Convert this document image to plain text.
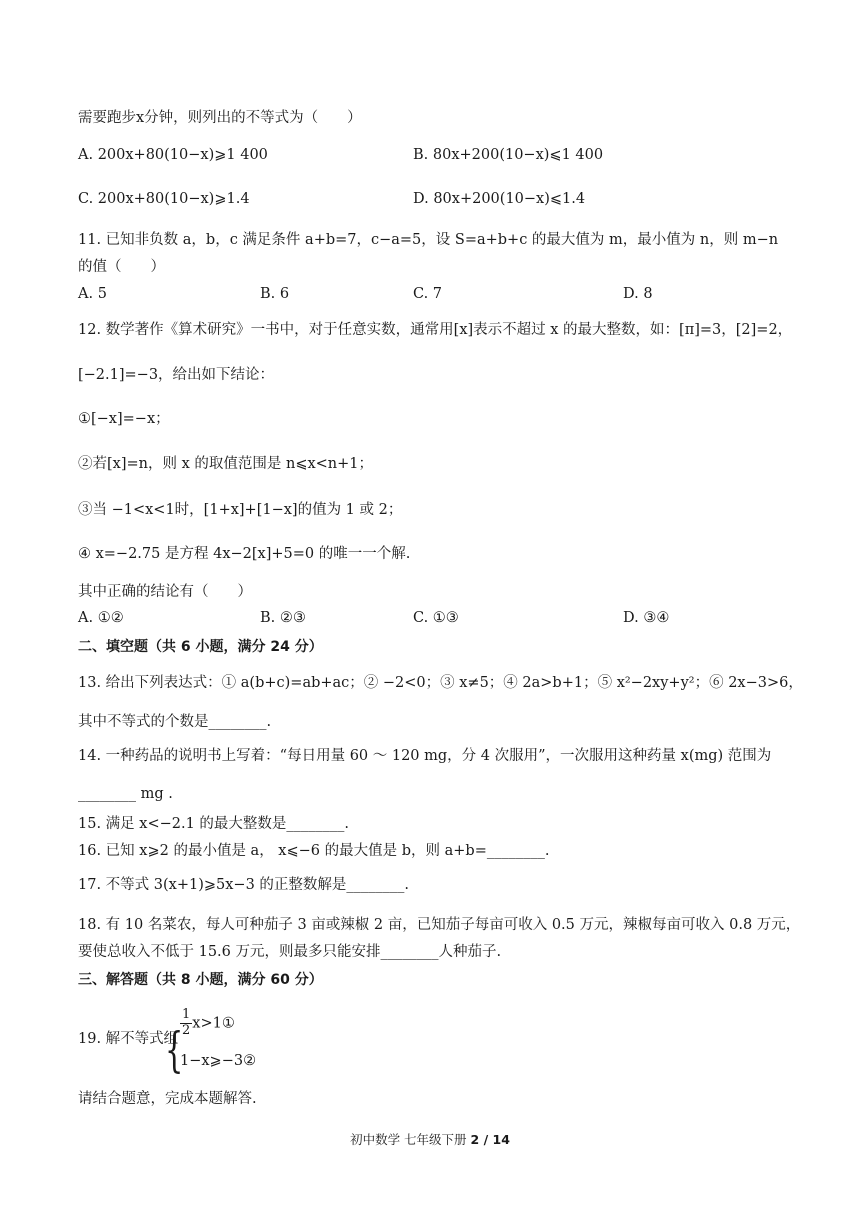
需要跑步x分钟，则列出的不等式为（　　）
A. 200x+80(10−x)⩾1 400	B. 80x+200(10−x)⩽1 400
C. 200x+80(10−x)⩾1.4	D. 80x+200(10−x)⩽1.4
11. 已知非负数 a，b，c 满足条件 a+b=7，c−a=5，设 S=a+b+c 的最大值为 m，最小值为 n，则 m−n
的值（　　）
A. 5	B. 6	C. 7	D. 8
12. 数学著作《算术研究》一书中，对于任意实数，通常用[x]表示不超过 x 的最大整数，如：[π]=3，[2]=2，
[−2.1]=−3，给出如下结论：
①[−x]=−x；
②若[x]=n，则 x 的取值范围是 n⩽x<n+1；
③当 −1<x<1时，[1+x]+[1−x]的值为 1 或 2；
④ x=−2.75 是方程 4x−2[x]+5=0 的唯一一个解.
其中正确的结论有（　　）
A. ①②	B. ②③	C. ①③	D. ③④
二、填空题（共 6 小题，满分 24 分）
13. 给出下列表达式：① a(b+c)=ab+ac；② −2<0；③ x≠5；④ 2a>b+1；⑤ x²−2xy+y²；⑥ 2x−3>6，
其中不等式的个数是________.
14. 一种药品的说明书上写着：“每日用量 60 ～ 120 mg，分 4 次服用”，一次服用这种药量 x(mg) 范围为
________ mg .
15. 满足 x<−2.1 的最大整数是________.
16. 已知 x⩾2 的最小值是 a， x⩽−6 的最大值是 b，则 a+b=________.
17. 不等式 3(x+1)⩾5x−3 的正整数解是________.
18. 有 10 名菜农，每人可种茄子 3 亩或辣椒 2 亩，已知茄子每亩可收入 0.5 万元，辣椒每亩可收入 0.8 万元，
要使总收入不低于 15.6 万元，则最多只能安排________人种茄子.
三、解答题（共 8 小题，满分 60 分）
19. 解不等式组
{
$\frac{1}{2}$ x>1①
1−x⩾−3②
请结合题意，完成本题解答.
初中数学 七年级下册 2 / 14
